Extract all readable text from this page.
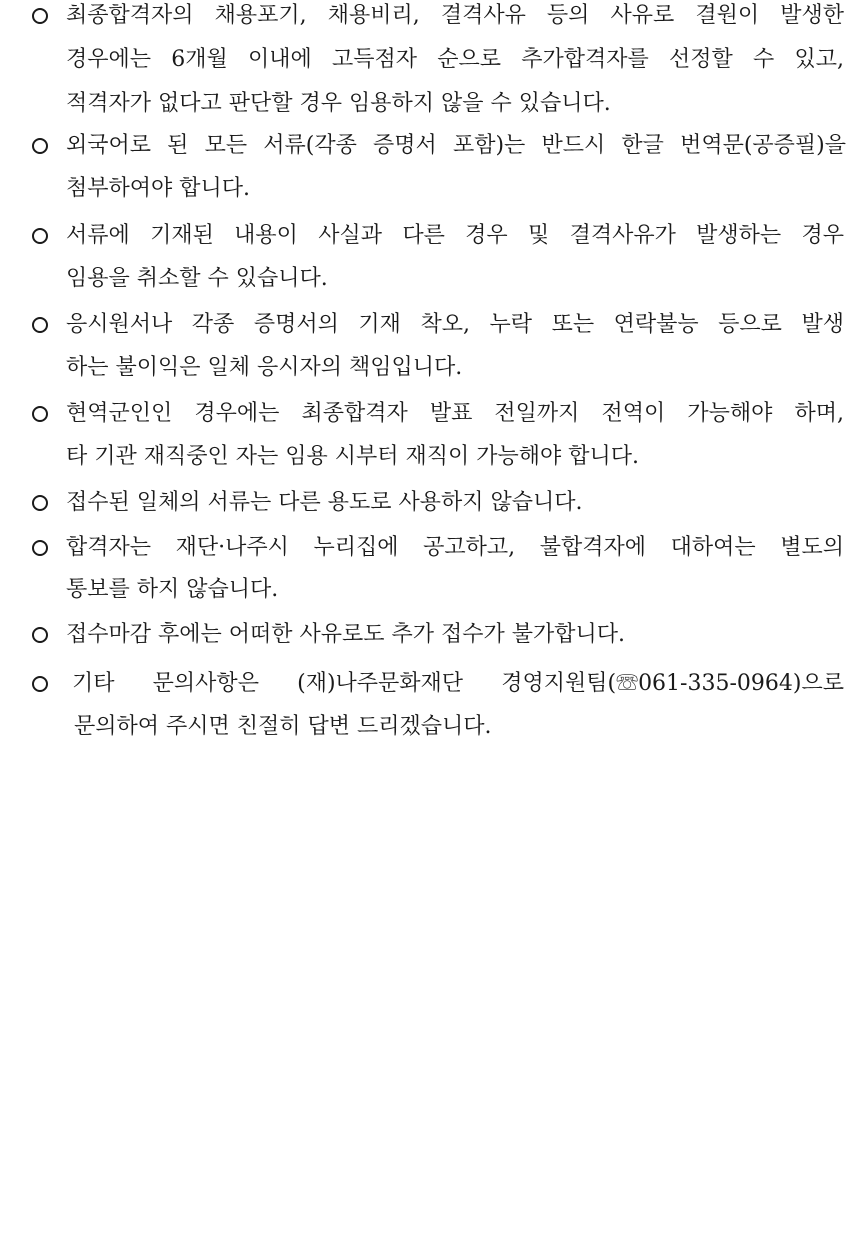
최종합격자의 채용포기, 채용비리, 결격사유 등의 사유로 결원이 발생한
경우에는 6개월 이내에 고득점자 순으로 추가합격자를 선정할 수 있고,
적격자가 없다고 판단할 경우 임용하지 않을 수 있습니다.
외국어로 된 모든 서류(각종 증명서 포함)는 반드시 한글 번역문(공증필)을
첨부하여야 합니다.
서류에 기재된 내용이 사실과 다른 경우 및 결격사유가 발생하는 경우
임용을 취소할 수 있습니다.
응시원서나 각종 증명서의 기재 착오, 누락 또는 연락불능 등으로 발생
하는 불이익은 일체 응시자의 책임입니다.
현역군인인 경우에는 최종합격자 발표 전일까지 전역이 가능해야 하며,
타 기관 재직중인 자는 임용 시부터 재직이 가능해야 합니다.
접수된 일체의 서류는 다른 용도로 사용하지 않습니다.
합격자는 재단·나주시 누리집에 공고하고, 불합격자에 대하여는 별도의
통보를 하지 않습니다.
접수마감 후에는 어떠한 사유로도 추가 접수가 불가합니다.
기타 문의사항은 (재)나주문화재단 경영지원팀(☏061-335-0964)으로
문의하여 주시면 친절히 답변 드리겠습니다.
